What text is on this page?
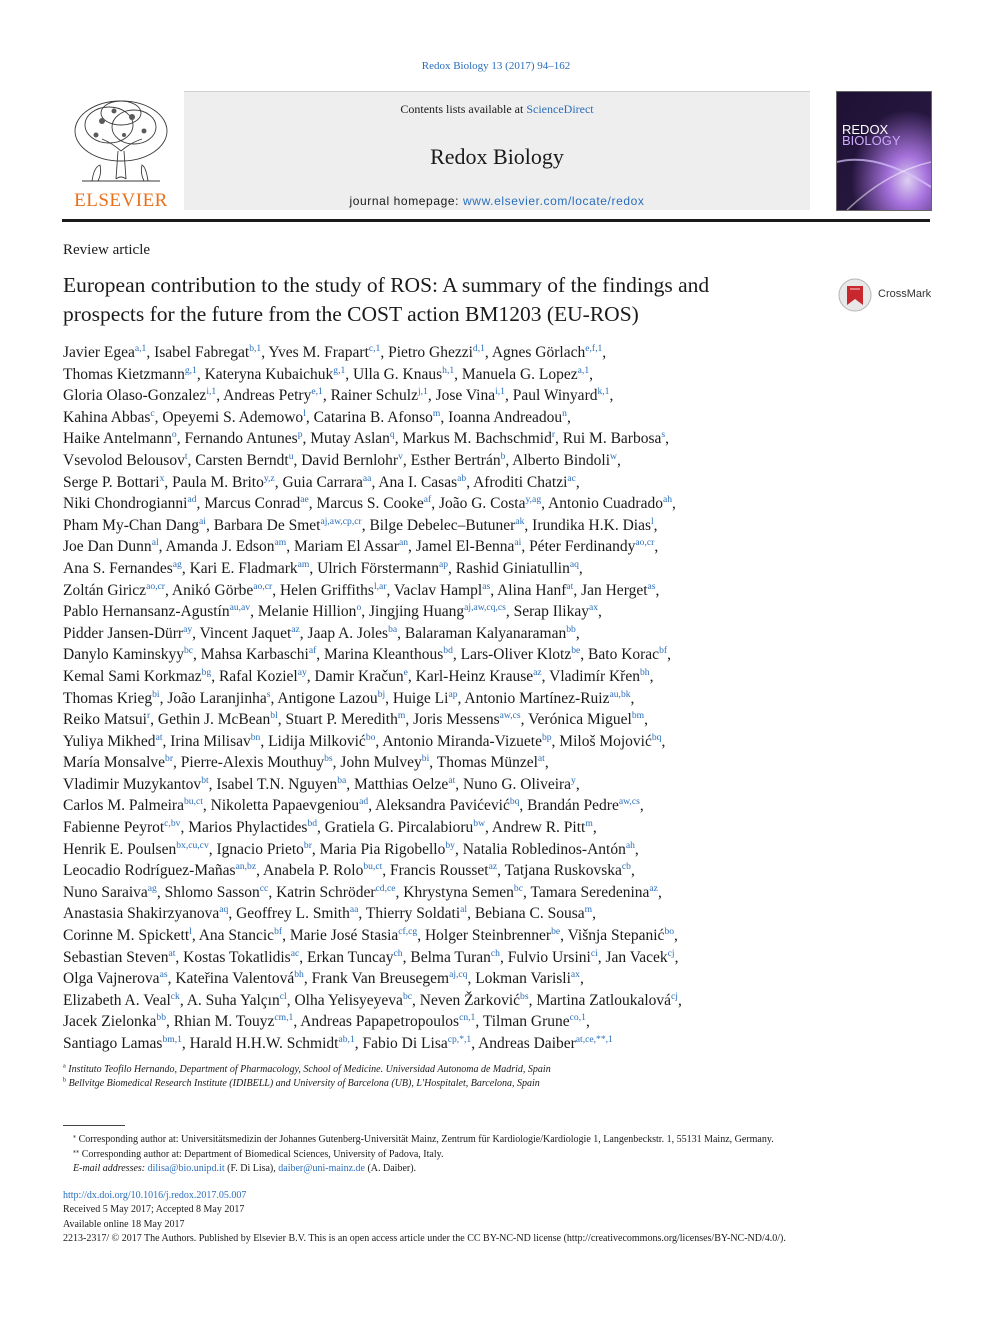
Redox Biology 13 (2017) 94–162
ELSEVIER
Contents lists available at ScienceDirect
Redox Biology
journal homepage: www.elsevier.com/locate/redox
REDOX
BIOLOGY
Review article
European contribution to the study of ROS: A summary of the findings and
prospects for the future from the COST action BM1203 (EU-ROS)
CrossMark
Javier Egea$^{a,1}$, Isabel Fabregat$^{b,1}$, Yves M. Frapart$^{c,1}$, Pietro Ghezzi$^{d,1}$, Agnes Görlach$^{e,f,1}$,
Thomas Kietzmann$^{g,1}$, Kateryna Kubaichuk$^{g,1}$, Ulla G. Knaus$^{h,1}$, Manuela G. Lopez$^{a,1}$,
Gloria Olaso-Gonzalez$^{i,1}$, Andreas Petry$^{e,1}$, Rainer Schulz$^{j,1}$, Jose Vina$^{i,1}$, Paul Winyard$^{k,1}$,
Kahina Abbas$^c$, Opeyemi S. Ademowo$^l$, Catarina B. Afonso$^m$, Ioanna Andreadou$^n$,
Haike Antelmann$^o$, Fernando Antunes$^p$, Mutay Aslan$^q$, Markus M. Bachschmid$^r$, Rui M. Barbosa$^s$,
Vsevolod Belousov$^t$, Carsten Berndt$^u$, David Bernlohr$^v$, Esther Bertrán$^b$, Alberto Bindoli$^w$,
Serge P. Bottari$^x$, Paula M. Brito$^{y,z}$, Guia Carrara$^{aa}$, Ana I. Casas$^{ab}$, Afroditi Chatzi$^{ac}$,
Niki Chondrogianni$^{ad}$, Marcus Conrad$^{ae}$, Marcus S. Cooke$^{af}$, João G. Costa$^{y,ag}$, Antonio Cuadrado$^{ah}$,
Pham My-Chan Dang$^{ai}$, Barbara De Smet$^{aj,aw,cp,cr}$, Bilge Debelec–Butuner$^{ak}$, Irundika H.K. Dias$^l$,
Joe Dan Dunn$^{al}$, Amanda J. Edson$^{am}$, Mariam El Assar$^{an}$, Jamel El-Benna$^{ai}$, Péter Ferdinandy$^{ao,cr}$,
Ana S. Fernandes$^{ag}$, Kari E. Fladmark$^{am}$, Ulrich Förstermann$^{ap}$, Rashid Giniatullin$^{aq}$,
Zoltán Giricz$^{ao,cr}$, Anikó Görbe$^{ao,cr}$, Helen Griffiths$^{l,ar}$, Vaclav Hampl$^{as}$, Alina Hanf$^{at}$, Jan Herget$^{as}$,
Pablo Hernansanz-Agustín$^{au,av}$, Melanie Hillion$^o$, Jingjing Huang$^{aj,aw,cq,cs}$, Serap Ilikay$^{ax}$,
Pidder Jansen-Dürr$^{ay}$, Vincent Jaquet$^{az}$, Jaap A. Joles$^{ba}$, Balaraman Kalyanaraman$^{bb}$,
Danylo Kaminskyy$^{bc}$, Mahsa Karbaschi$^{af}$, Marina Kleanthous$^{bd}$, Lars-Oliver Klotz$^{be}$, Bato Korac$^{bf}$,
Kemal Sami Korkmaz$^{bg}$, Rafal Koziel$^{ay}$, Damir Kračun$^e$, Karl-Heinz Krause$^{az}$, Vladimír Křen$^{bh}$,
Thomas Krieg$^{bi}$, João Laranjinha$^s$, Antigone Lazou$^{bj}$, Huige Li$^{ap}$, Antonio Martínez-Ruiz$^{au,bk}$,
Reiko Matsui$^r$, Gethin J. McBean$^{bl}$, Stuart P. Meredith$^m$, Joris Messens$^{aw,cs}$, Verónica Miguel$^{bm}$,
Yuliya Mikhed$^{at}$, Irina Milisav$^{bn}$, Lidija Milković$^{bo}$, Antonio Miranda-Vizuete$^{bp}$, Miloš Mojović$^{bq}$,
María Monsalve$^{br}$, Pierre-Alexis Mouthuy$^{bs}$, John Mulvey$^{bi}$, Thomas Münzel$^{at}$,
Vladimir Muzykantov$^{bt}$, Isabel T.N. Nguyen$^{ba}$, Matthias Oelze$^{at}$, Nuno G. Oliveira$^y$,
Carlos M. Palmeira$^{bu,ct}$, Nikoletta Papaevgeniou$^{ad}$, Aleksandra Pavićević$^{bq}$, Brandán Pedre$^{aw,cs}$,
Fabienne Peyrot$^{c,bv}$, Marios Phylactides$^{bd}$, Gratiela G. Pircalabioru$^{bw}$, Andrew R. Pitt$^m$,
Henrik E. Poulsen$^{bx,cu,cv}$, Ignacio Prieto$^{br}$, Maria Pia Rigobello$^{by}$, Natalia Robledinos-Antón$^{ah}$,
Leocadio Rodríguez-Mañas$^{an,bz}$, Anabela P. Rolo$^{bu,ct}$, Francis Rousset$^{az}$, Tatjana Ruskovska$^{cb}$,
Nuno Saraiva$^{ag}$, Shlomo Sasson$^{cc}$, Katrin Schröder$^{cd,ce}$, Khrystyna Semen$^{bc}$, Tamara Seredenina$^{az}$,
Anastasia Shakirzyanova$^{aq}$, Geoffrey L. Smith$^{aa}$, Thierry Soldati$^{al}$, Bebiana C. Sousa$^m$,
Corinne M. Spickett$^l$, Ana Stancic$^{bf}$, Marie José Stasia$^{cf,cg}$, Holger Steinbrenner$^{be}$, Višnja Stepanić$^{bo}$,
Sebastian Steven$^{at}$, Kostas Tokatlidis$^{ac}$, Erkan Tuncay$^{ch}$, Belma Turan$^{ch}$, Fulvio Ursini$^{ci}$, Jan Vacek$^{cj}$,
Olga Vajnerova$^{as}$, Kateřina Valentová$^{bh}$, Frank Van Breusegem$^{aj,cq}$, Lokman Varisli$^{ax}$,
Elizabeth A. Veal$^{ck}$, A. Suha Yalçın$^{cl}$, Olha Yelisyeyeva$^{bc}$, Neven Žarković$^{bs}$, Martina Zatloukalová$^{cj}$,
Jacek Zielonka$^{bb}$, Rhian M. Touyz$^{cm,1}$, Andreas Papapetropoulos$^{cn,1}$, Tilman Grune$^{co,1}$,
Santiago Lamas$^{bm,1}$, Harald H.H.W. Schmidt$^{ab,1}$, Fabio Di Lisa$^{cp,*,1}$, Andreas Daiber$^{at,ce,**,1}$
$^a$ Instituto Teofilo Hernando, Department of Pharmacology, School of Medicine. Universidad Autonoma de Madrid, Spain
$^b$ Bellvitge Biomedical Research Institute (IDIBELL) and University of Barcelona (UB), L'Hospitalet, Barcelona, Spain
⁎ Corresponding author at: Universitätsmedizin der Johannes Gutenberg-Universität Mainz, Zentrum für Kardiologie/Kardiologie 1, Langenbeckstr. 1, 55131 Mainz, Germany.
⁎⁎ Corresponding author at: Department of Biomedical Sciences, University of Padova, Italy.
E-mail addresses: dilisa@bio.unipd.it (F. Di Lisa), daiber@uni-mainz.de (A. Daiber).
http://dx.doi.org/10.1016/j.redox.2017.05.007
Received 5 May 2017; Accepted 8 May 2017
Available online 18 May 2017
2213-2317/ © 2017 The Authors. Published by Elsevier B.V. This is an open access article under the CC BY-NC-ND license (http://creativecommons.org/licenses/BY-NC-ND/4.0/).
